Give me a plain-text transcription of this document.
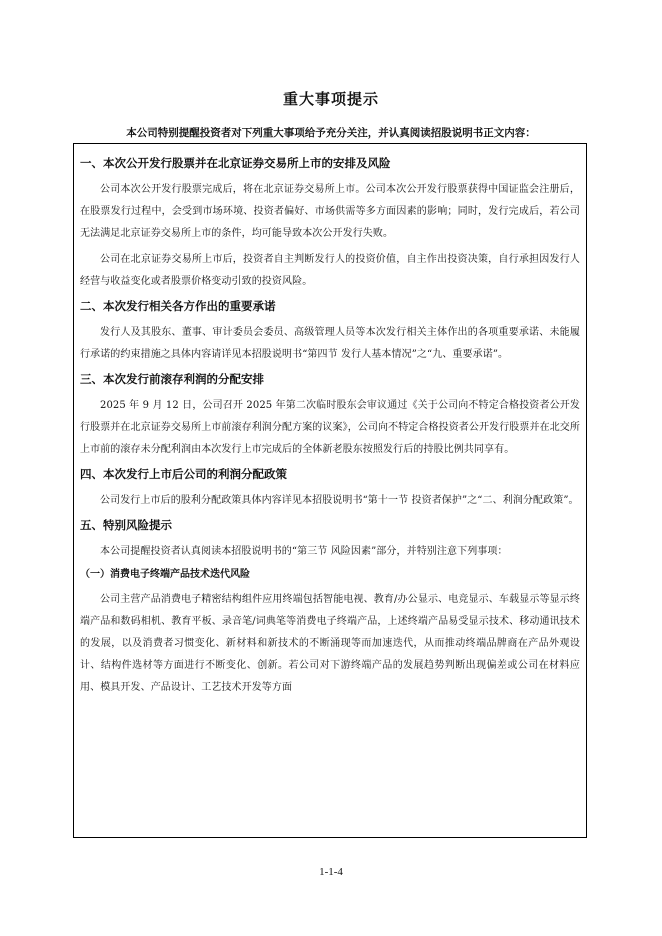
重大事项提示
本公司特别提醒投资者对下列重大事项给予充分关注，并认真阅读招股说明书正文内容：
一、本次公开发行股票并在北京证券交易所上市的安排及风险

公司本次公开发行股票完成后，将在北京证券交易所上市。公司本次公开发行股票获得中国证监会注册后，在股票发行过程中，会受到市场环境、投资者偏好、市场供需等多方面因素的影响；同时，发行完成后，若公司无法满足北京证券交易所上市的条件，均可能导致本次公开发行失败。

公司在北京证券交易所上市后，投资者自主判断发行人的投资价值，自主作出投资决策，自行承担因发行人经营与收益变化或者股票价格变动引致的投资风险。

二、本次发行相关各方作出的重要承诺

发行人及其股东、董事、审计委员会委员、高级管理人员等本次发行相关主体作出的各项重要承诺、未能履行承诺的约束措施之具体内容请详见本招股说明书“第四节 发行人基本情况”之“九、重要承诺”。

三、本次发行前滚存利润的分配安排

2025 年 9 月 12 日，公司召开 2025 年第二次临时股东会审议通过《关于公司向不特定合格投资者公开发行股票并在北京证券交易所上市前滚存利润分配方案的议案》，公司向不特定合格投资者公开发行股票并在北交所上市前的滚存未分配利润由本次发行上市完成后的全体新老股东按照发行后的持股比例共同享有。

四、本次发行上市后公司的利润分配政策

公司发行上市后的股利分配政策具体内容详见本招股说明书“第十一节 投资者保护”之“二、利润分配政策”。

五、特别风险提示

本公司提醒投资者认真阅读本招股说明书的“第三节 风险因素”部分，并特别注意下列事项：

（一）消费电子终端产品技术迭代风险

公司主营产品消费电子精密结构组件应用终端包括智能电视、教育/办公显示、电竞显示、车载显示等显示终端产品和数码相机、教育平板、录音笔/词典笔等消费电子终端产品，上述终端产品易受显示技术、移动通讯技术的发展，以及消费者习惯变化、新材料和新技术的不断涌现等而加速迭代，从而推动终端品牌商在产品外观设计、结构件选材等方面进行不断变化、创新。若公司对下游终端产品的发展趋势判断出现偏差或公司在材料应用、模具开发、产品设计、工艺技术开发等方面

1-1-4
